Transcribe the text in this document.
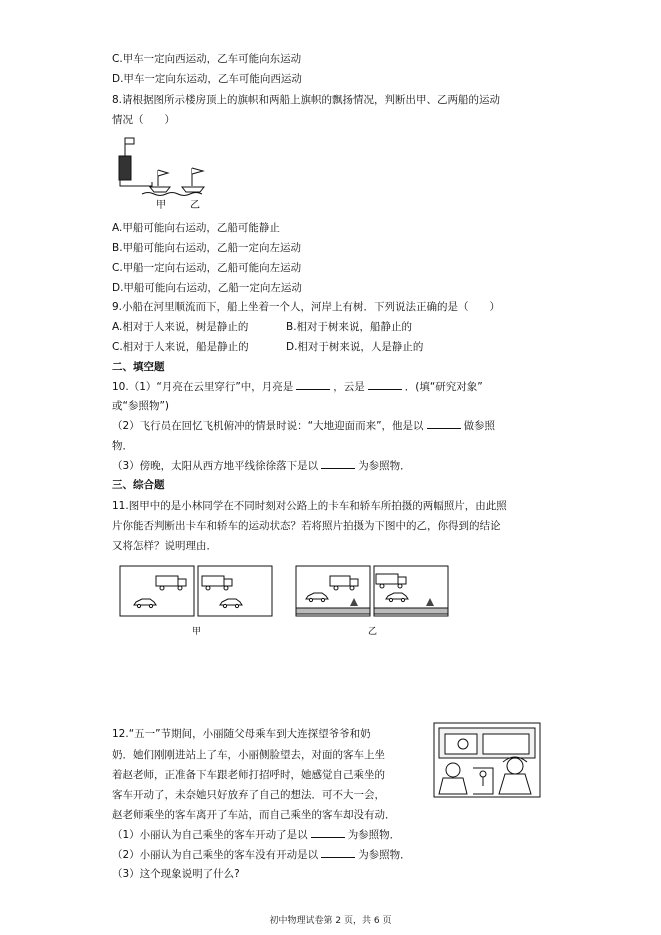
C.甲车一定向西运动，乙车可能向东运动
D.甲车一定向东运动，乙车可能向西运动
8.请根据图所示楼房顶上的旗帜和两船上旗帜的飘扬情况，判断出甲、乙两船的运动
情况（　　）
甲 乙
A.甲船可能向右运动，乙船可能静止
B.甲船可能向右运动，乙船一定向左运动
C.甲船一定向右运动，乙船可能向左运动
D.甲船可能向右运动，乙船一定向左运动
9.小船在河里顺流而下，船上坐着一个人，河岸上有树．下列说法正确的是（　　）
A.相对于人来说，树是静止的	B.相对于树来说，船静止的
C.相对于人来说，船是静止的	D.相对于树来说，人是静止的
二、填空题
10.（1）“月亮在云里穿行”中，月亮是	，云是	．(填“研究对象”
或“参照物”)
（2）飞行员在回忆飞机俯冲的情景时说：“大地迎面而来”，他是以	做参照
物．
（3）傍晚，太阳从西方地平线徐徐落下是以	为参照物．
三、综合题
11.图甲中的是小林同学在不同时刻对公路上的卡车和轿车所拍摄的两幅照片，由此照
片你能否判断出卡车和轿车的运动状态？若将照片拍摄为下图中的乙，你得到的结论
又将怎样？说明理由．
甲	乙
12.“五一”节期间，小丽随父母乘车到大连探望爷爷和奶
奶．她们刚刚进站上了车，小丽侧脸望去，对面的客车上坐
着赵老师，正准备下车跟老师打招呼时，她感觉自己乘坐的
客车开动了，未奈她只好放弃了自己的想法．可不大一会，
赵老师乘坐的客车离开了车站，而自己乘坐的客车却没有动．
（1）小丽认为自己乘坐的客车开动了是以	为参照物．
（2）小丽认为自己乘坐的客车没有开动是以	为参照物．
（3）这个现象说明了什么?
初中物理试卷第 2 页，共 6 页
